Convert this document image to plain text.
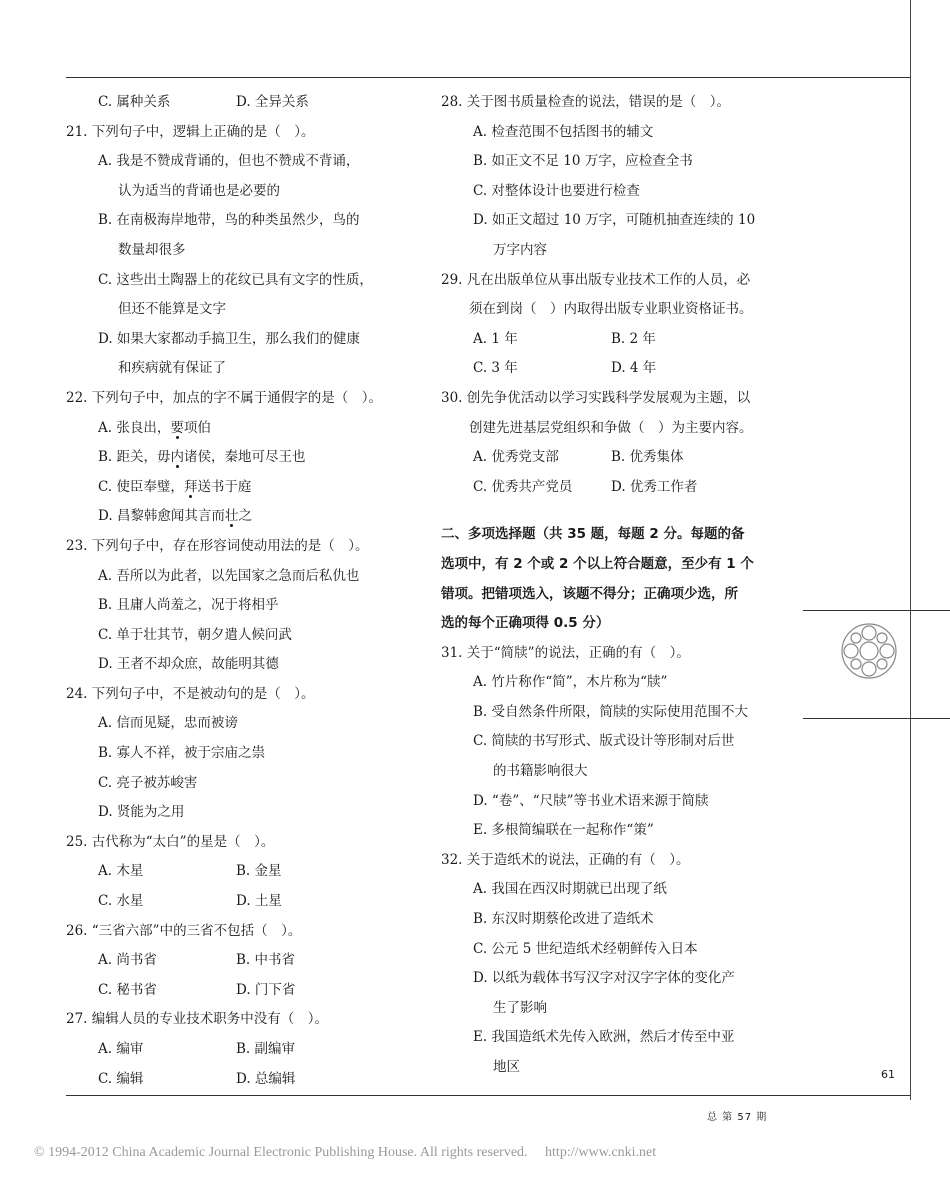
C. 属种关系	D. 全异关系
21. 下列句子中，逻辑上正确的是（　）。
A. 我是不赞成背诵的，但也不赞成不背诵，
认为适当的背诵也是必要的
B. 在南极海岸地带，鸟的种类虽然少，鸟的
数量却很多
C. 这些出土陶器上的花纹已具有文字的性质，
但还不能算是文字
D. 如果大家都动手搞卫生，那么我们的健康
和疾病就有保证了
22. 下列句子中，加点的字不属于通假字的是（　）。
A. 张良出，要项伯
B. 距关，毋内诸侯，秦地可尽王也
C. 使臣奉璧，拜送书于庭
D. 昌黎韩愈闻其言而壮之
23. 下列句子中，存在形容词使动用法的是（　）。
A. 吾所以为此者，以先国家之急而后私仇也
B. 且庸人尚羞之，况于将相乎
C. 单于壮其节，朝夕遣人候问武
D. 王者不却众庶，故能明其德
24. 下列句子中，不是被动句的是（　）。
A. 信而见疑，忠而被谤
B. 寡人不祥，被于宗庙之祟
C. 亮子被苏峻害
D. 贤能为之用
25. 古代称为“太白”的星是（　）。
A. 木星	B. 金星
C. 水星	D. 土星
26. “三省六部”中的三省不包括（　）。
A. 尚书省	B. 中书省
C. 秘书省	D. 门下省
27. 编辑人员的专业技术职务中没有（　）。
A. 编审	B. 副编审
C. 编辑	D. 总编辑
28. 关于图书质量检查的说法，错误的是（　）。
A. 检查范围不包括图书的辅文
B. 如正文不足 10 万字，应检查全书
C. 对整体设计也要进行检查
D. 如正文超过 10 万字，可随机抽查连续的 10
万字内容
29. 凡在出版单位从事出版专业技术工作的人员，必
须在到岗（　）内取得出版专业职业资格证书。
A. 1 年	B. 2 年
C. 3 年	D. 4 年
30. 创先争优活动以学习实践科学发展观为主题，以
创建先进基层党组织和争做（　）为主要内容。
A. 优秀党支部	B. 优秀集体
C. 优秀共产党员	D. 优秀工作者
二、多项选择题（共 35 题，每题 2 分。每题的备
选项中，有 2 个或 2 个以上符合题意，至少有 1 个
错项。把错项选入，该题不得分；正确项少选，所
选的每个正确项得 0.5 分）
31. 关于“简牍”的说法，正确的有（　）。
A. 竹片称作“简”，木片称为“牍”
B. 受自然条件所限，简牍的实际使用范围不大
C. 简牍的书写形式、版式设计等形制对后世
的书籍影响很大
D. “卷”、“尺牍”等书业术语来源于简牍
E. 多根简编联在一起称作“策”
32. 关于造纸术的说法，正确的有（　）。
A. 我国在西汉时期就已出现了纸
B. 东汉时期蔡伦改进了造纸术
C. 公元 5 世纪造纸术经朝鲜传入日本
D. 以纸为载体书写汉字对汉字字体的变化产
生了影响
E. 我国造纸术先传入欧洲，然后才传至中亚
地区	61
总 第 57 期
© 1994-2012 China Academic Journal Electronic Publishing House. All rights reserved.　 http://www.cnki.net
